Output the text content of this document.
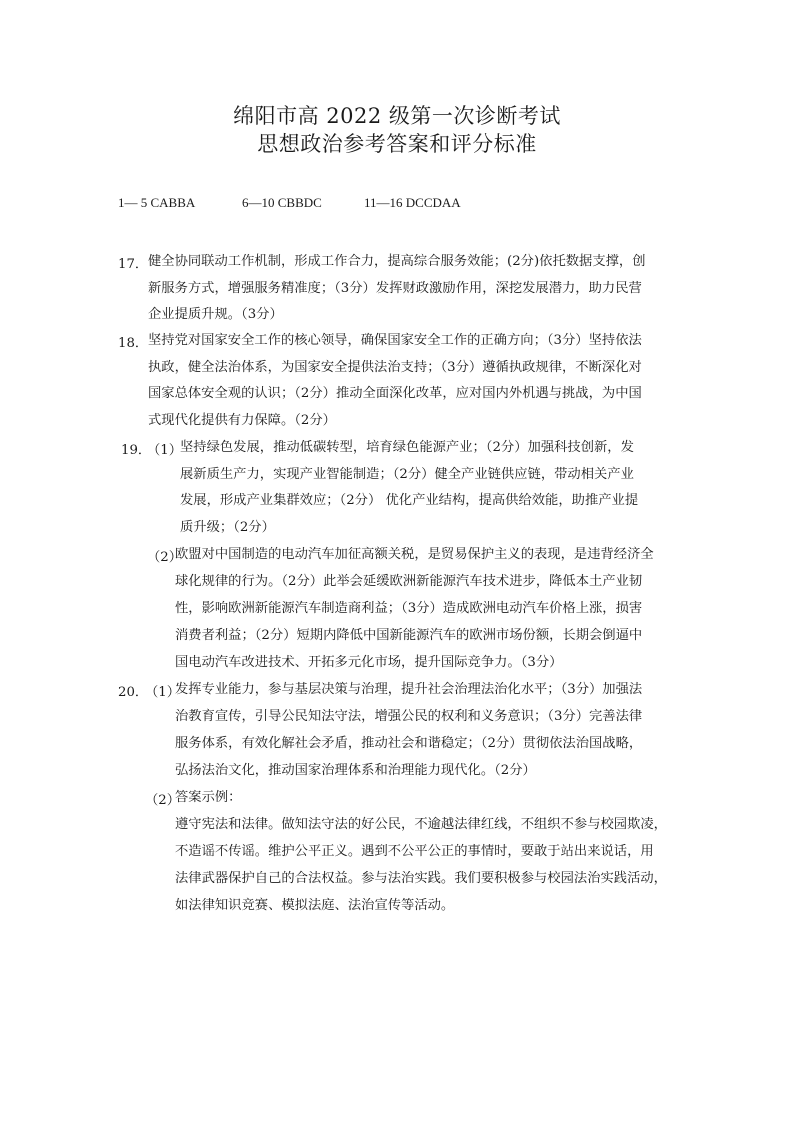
绵阳市高 2022 级第一次诊断考试
思想政治参考答案和评分标准
1— 5 CABBA	6—10 CBBDC	11—16 DCCDAA
17． 健全协同联动工作机制，形成工作合力，提高综合服务效能；(2分)依托数据支撑，创
新服务方式，增强服务精准度；（3分）发挥财政激励作用，深挖发展潜力，助力民营
企业提质升规。（3分）
18． 坚持党对国家安全工作的核心领导，确保国家安全工作的正确方向；（3分）坚持依法
执政，健全法治体系，为国家安全提供法治支持；（3分）遵循执政规律，不断深化对
国家总体安全观的认识；（2分）推动全面深化改革，应对国内外机遇与挑战，为中国
式现代化提供有力保障。（2分）
19．
（1）
坚持绿色发展，推动低碳转型，培育绿色能源产业；（2分）加强科技创新，发
展新质生产力，实现产业智能制造；（2分）健全产业链供应链，带动相关产业
发展，形成产业集群效应；（2分） 优化产业结构，提高供给效能，助推产业提
质升级；（2分）
（2）
欧盟对中国制造的电动汽车加征高额关税，是贸易保护主义的表现，是违背经济全
球化规律的行为。（2分）此举会延缓欧洲新能源汽车技术进步，降低本土产业韧
性，影响欧洲新能源汽车制造商利益；（3分）造成欧洲电动汽车价格上涨，损害
消费者利益；（2分）短期内降低中国新能源汽车的欧洲市场份额，长期会倒逼中
国电动汽车改进技术、开拓多元化市场，提升国际竞争力。（3分）
20．
（1）
发挥专业能力，参与基层决策与治理，提升社会治理法治化水平；（3分）加强法
治教育宣传，引导公民知法守法，增强公民的权利和义务意识；（3分）完善法律
服务体系，有效化解社会矛盾，推动社会和谐稳定；（2分）贯彻依法治国战略，
弘扬法治文化，推动国家治理体系和治理能力现代化。（2分）
（2）
答案示例：
遵守宪法和法律。做知法守法的好公民，不逾越法律红线，不组织不参与校园欺凌，
不造谣不传谣。维护公平正义。遇到不公平公正的事情时，要敢于站出来说话，用
法律武器保护自己的合法权益。参与法治实践。我们要积极参与校园法治实践活动，
如法律知识竞赛、模拟法庭、法治宣传等活动。
